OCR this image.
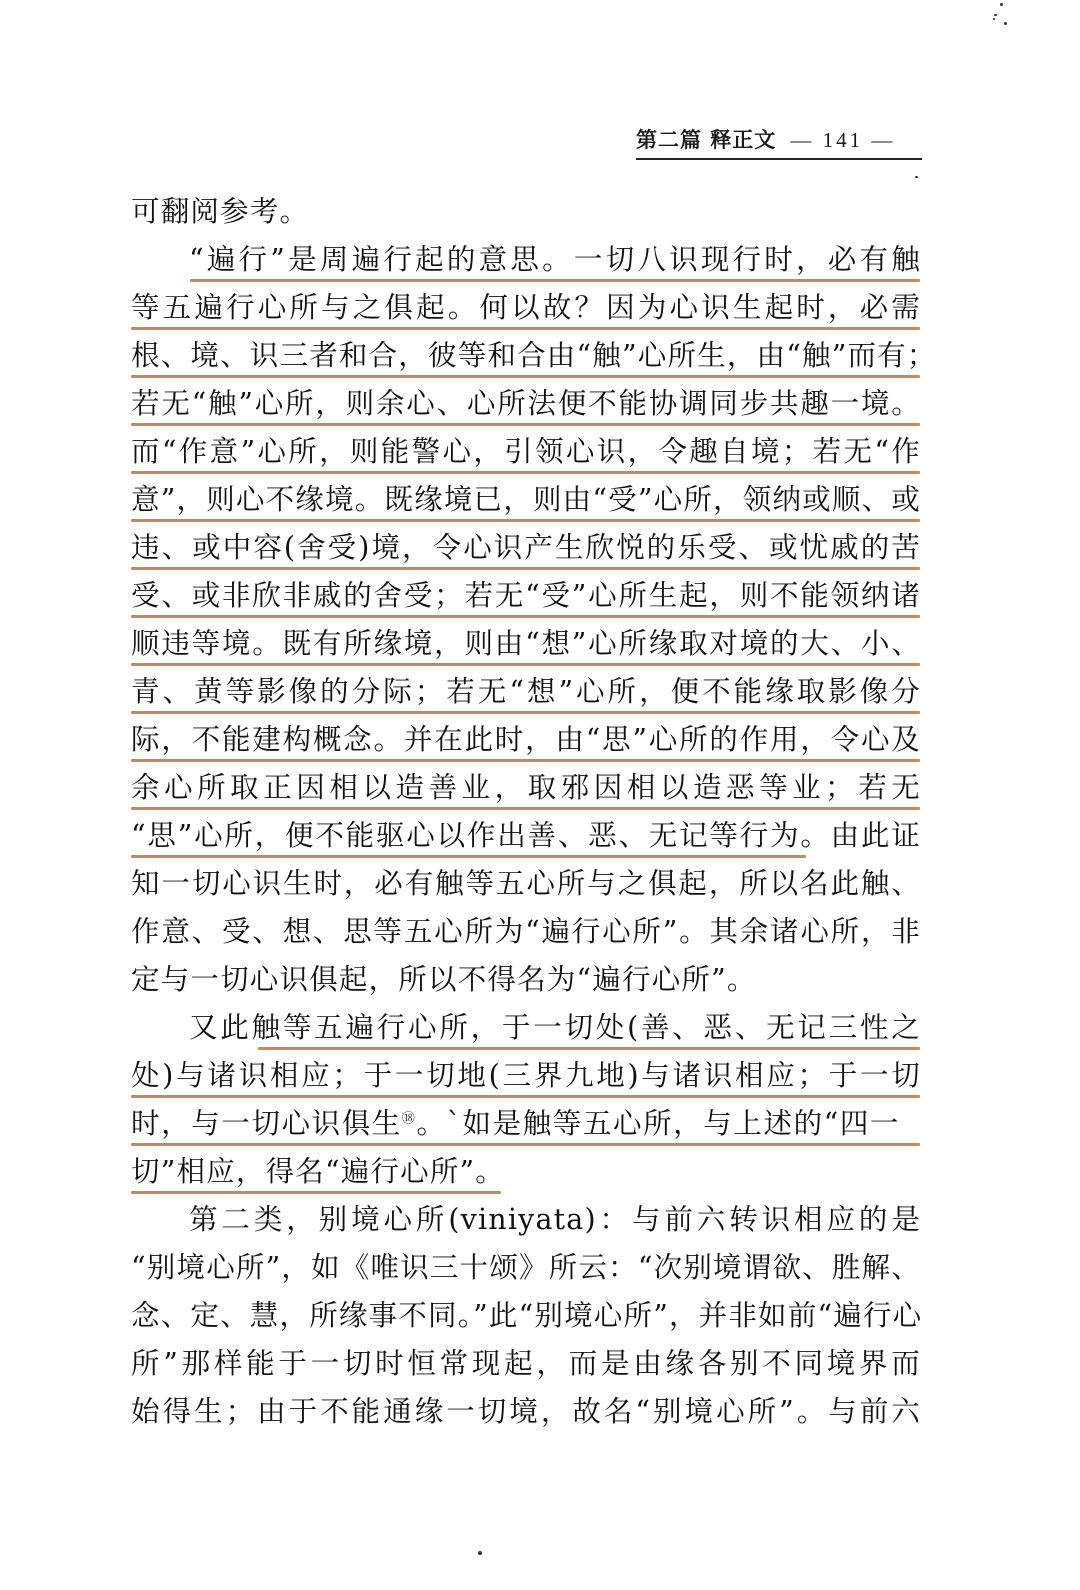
第二篇 释正文 — 141 —
可翻阅参考。
“遍行”是周遍行起的意思。一切八识现行时，必有触
等五遍行心所与之俱起。何以故？因为心识生起时，必需
根、境、识三者和合，彼等和合由“触”心所生，由“触”而有；
若无“触”心所，则余心、心所法便不能协调同步共趣一境。
而“作意”心所，则能警心，引领心识，令趣自境；若无“作
意”，则心不缘境。既缘境已，则由“受”心所，领纳或顺、或
违、或中容(舍受)境，令心识产生欣悦的乐受、或忧戚的苦
受、或非欣非戚的舍受；若无“受”心所生起，则不能领纳诸
顺违等境。既有所缘境，则由“想”心所缘取对境的大、小、
青、黄等影像的分际；若无“想”心所，便不能缘取影像分
际，不能建构概念。并在此时，由“思”心所的作用，令心及
余心所取正因相以造善业，取邪因相以造恶等业；若无
“思”心所，便不能驱心以作出善、恶、无记等行为。由此证
知一切心识生时，必有触等五心所与之俱起，所以名此触、
作意、受、想、思等五心所为“遍行心所”。其余诸心所，非
定与一切心识俱起，所以不得名为“遍行心所”。
又此触等五遍行心所，于一切处(善、恶、无记三性之
处)与诸识相应；于一切地(三界九地)与诸识相应；于一切
时，与一切心识俱生⑱。`如是触等五心所，与上述的“四一
切”相应，得名“遍行心所”。
第二类，别境心所(viniyata)：与前六转识相应的是
“别境心所”，如《唯识三十颂》所云：“次别境谓欲、胜解、
念、定、慧，所缘事不同。”此“别境心所”，并非如前“遍行心
所”那样能于一切时恒常现起，而是由缘各别不同境界而
始得生；由于不能通缘一切境，故名“别境心所”。与前六
